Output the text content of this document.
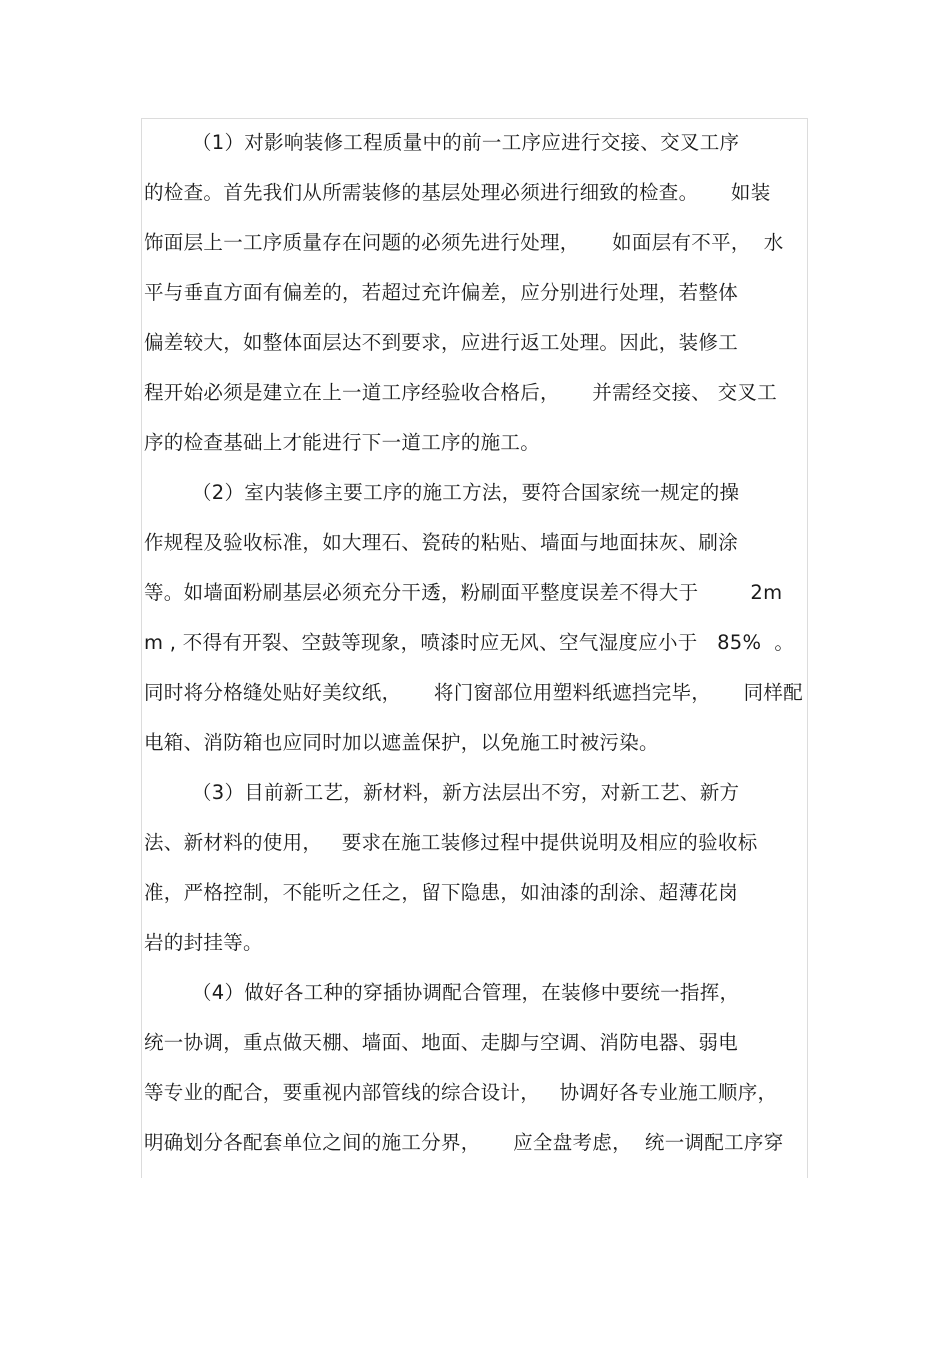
（1）对影响装修工程质量中的前一工序应进行交接、交叉工序
的检查。首先我们从所需装修的基层处理必须进行细致的检查。     如装
饰面层上一工序质量存在问题的必须先进行处理，     如面层有不平，  水
平与垂直方面有偏差的，若超过充许偏差，应分别进行处理，若整体
偏差较大，如整体面层达不到要求，应进行返工处理。因此，装修工
程开始必须是建立在上一道工序经验收合格后，     并需经交接、 交叉工
序的检查基础上才能进行下一道工序的施工。
（2）室内装修主要工序的施工方法，要符合国家统一规定的操
作规程及验收标准，如大理石、瓷砖的粘贴、墙面与地面抹灰、刷涂
等。如墙面粉刷基层必须充分干透，粉刷面平整度误差不得大于        2m
m , 不得有开裂、空鼓等现象，喷漆时应无风、空气湿度应小于   85%  。
同时将分格缝处贴好美纹纸，     将门窗部位用塑料纸遮挡完毕，     同样配
电箱、消防箱也应同时加以遮盖保护，以免施工时被污染。
（3）目前新工艺，新材料，新方法层出不穷，对新工艺、新方
法、新材料的使用，   要求在施工装修过程中提供说明及相应的验收标
准，严格控制，不能听之任之，留下隐患，如油漆的刮涂、超薄花岗
岩的封挂等。
（4）做好各工种的穿插协调配合管理，在装修中要统一指挥，
统一协调，重点做天棚、墙面、地面、走脚与空调、消防电器、弱电
等专业的配合，要重视内部管线的综合设计，   协调好各专业施工顺序，
明确划分各配套单位之间的施工分界，     应全盘考虑，  统一调配工序穿
